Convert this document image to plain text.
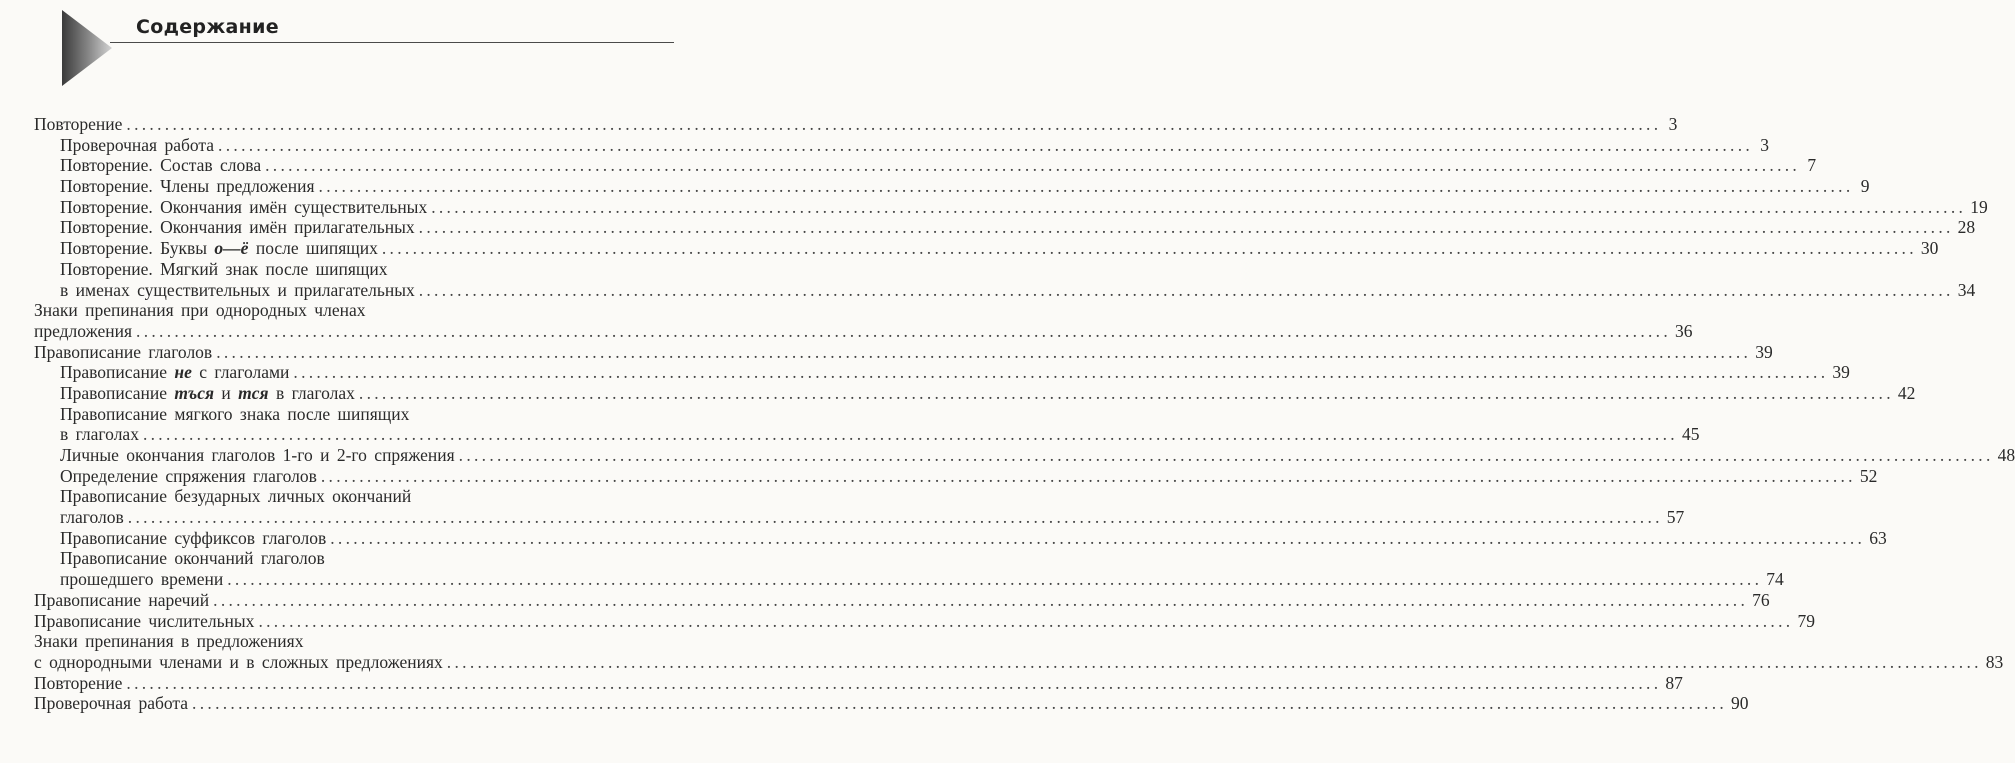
Содержание
Повторение ........................................................................................................................................................................................................ 3
Проверочная работа ........................................................................................................................................................................................................ 3
Повторение. Состав слова ........................................................................................................................................................................................................ 7
Повторение. Члены предложения ........................................................................................................................................................................................................ 9
Повторение. Окончания имён существительных ........................................................................................................................................................................................................ 19
Повторение. Окончания имён прилагательных ........................................................................................................................................................................................................ 28
Повторение. Буквы о—ё после шипящих ........................................................................................................................................................................................................ 30
Повторение. Мягкий знак после шипящих
в именах существительных и прилагательных ........................................................................................................................................................................................................ 34
Знаки препинания при однородных членах
предложения ........................................................................................................................................................................................................ 36
Правописание глаголов ........................................................................................................................................................................................................ 39
Правописание не с глаголами ........................................................................................................................................................................................................ 39
Правописание тъся и тся в глаголах ........................................................................................................................................................................................................ 42
Правописание мягкого знака после шипящих
в глаголах ........................................................................................................................................................................................................ 45
Личные окончания глаголов 1-го и 2-го спряжения ........................................................................................................................................................................................................ 48
Определение спряжения глаголов ........................................................................................................................................................................................................ 52
Правописание безударных личных окончаний
глаголов ........................................................................................................................................................................................................ 57
Правописание суффиксов глаголов ........................................................................................................................................................................................................ 63
Правописание окончаний глаголов
прошедшего времени ........................................................................................................................................................................................................ 74
Правописание наречий ........................................................................................................................................................................................................ 76
Правописание числительных ........................................................................................................................................................................................................ 79
Знаки препинания в предложениях
с однородными членами и в сложных предложениях ........................................................................................................................................................................................................ 83
Повторение ........................................................................................................................................................................................................ 87
Проверочная работа ........................................................................................................................................................................................................ 90
